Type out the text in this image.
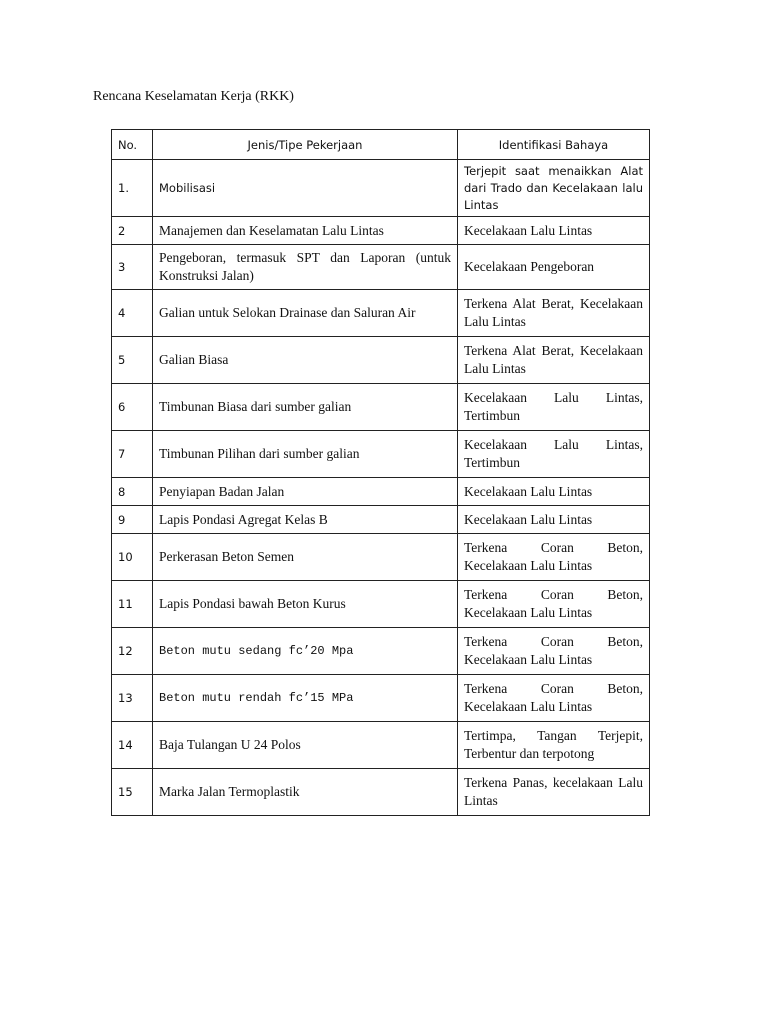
Rencana Keselamatan Kerja (RKK)
No.	Jenis/Tipe Pekerjaan	Identifikasi Bahaya
1.	Mobilisasi	Terjepit saat menaikkan Alat dari Trado dan Kecelakaan lalu Lintas
2	Manajemen dan Keselamatan Lalu Lintas	Kecelakaan Lalu Lintas
3	Pengeboran, termasuk SPT dan Laporan (untuk Konstruksi Jalan)	Kecelakaan Pengeboran
4	Galian untuk Selokan Drainase dan Saluran Air	Terkena Alat Berat, Kecelakaan Lalu Lintas
5	Galian Biasa	Terkena Alat Berat, Kecelakaan Lalu Lintas
6	Timbunan Biasa dari sumber galian	Kecelakaan Lalu Lintas, Tertimbun
7	Timbunan Pilihan dari sumber galian	Kecelakaan Lalu Lintas, Tertimbun
8	Penyiapan Badan Jalan	Kecelakaan Lalu Lintas
9	Lapis Pondasi Agregat Kelas B	Kecelakaan Lalu Lintas
10	Perkerasan Beton Semen	Terkena Coran Beton, Kecelakaan Lalu Lintas
11	Lapis Pondasi bawah Beton Kurus	Terkena Coran Beton, Kecelakaan Lalu Lintas
12	Beton mutu sedang fc’20 Mpa	Terkena Coran Beton, Kecelakaan Lalu Lintas
13	Beton mutu rendah fc’15 MPa	Terkena Coran Beton, Kecelakaan Lalu Lintas
14	Baja Tulangan U 24 Polos	Tertimpa, Tangan Terjepit, Terbentur dan terpotong
15	Marka Jalan Termoplastik	Terkena Panas, kecelakaan Lalu Lintas
